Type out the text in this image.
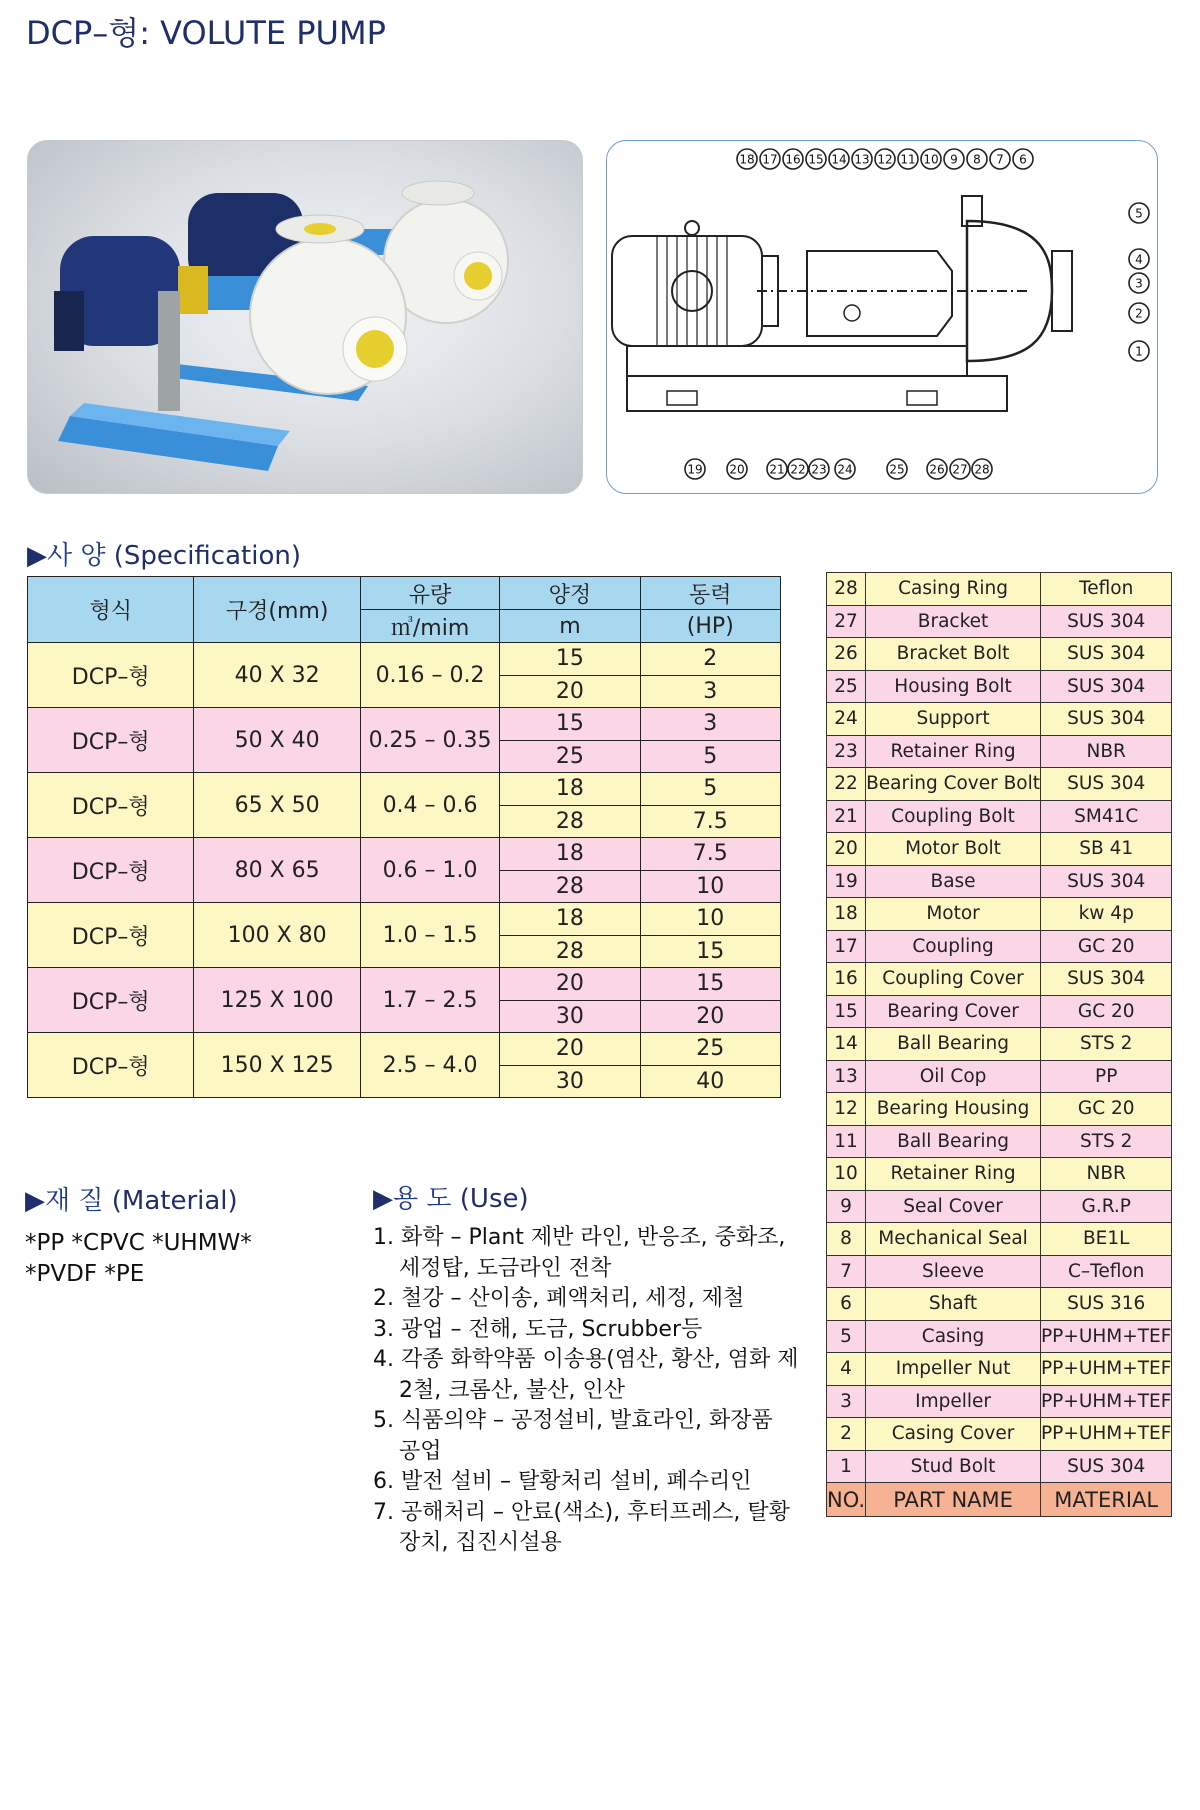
DCP–형: VOLUTE PUMP
18 17 16 15 14 13 12 11 10 9 8 7 6
5
4
3
2
1
19 20 21 22 23 24	25 26 27 28
▶사 양 (Specification)
형식	구경(mm)	유량	양정	동력
		㎥/mim	m	(HP)
DCP–형	40 X 32	0.16 – 0.2	15	2
			20	3
DCP–형	50 X 40	0.25 – 0.35	15	3
			25	5
DCP–형	65 X 50	0.4 – 0.6	18	5
			28	7.5
DCP–형	80 X 65	0.6 – 1.0	18	7.5
			28	10
DCP–형	100 X 80	1.0 – 1.5	18	10
			28	15
DCP–형	125 X 100	1.7 – 2.5	20	15
			30	20
DCP–형	150 X 125	2.5 – 4.0	20	25
			30	40
▶재 질 (Material)
*PP *CPVC *UHMW*
*PVDF *PE
▶용 도 (Use)
1. 화학 – Plant 제반 라인, 반응조, 중화조,
세정탑, 도금라인 전착
2. 철강 – 산이송, 폐액처리, 세정, 제철
3. 광업 – 전해, 도금, Scrubber등
4. 각종 화학약품 이송용(염산, 황산, 염화 제
2철, 크롬산, 불산, 인산
5. 식품의약 – 공정설비, 발효라인, 화장품
공업
6. 발전 설비 – 탈황처리 설비, 폐수리인
7. 공해처리 – 안료(색소), 후터프레스, 탈황
장치, 집진시설용
28	Casing Ring	Teflon
27	Bracket	SUS 304
26	Bracket Bolt	SUS 304
25	Housing Bolt	SUS 304
24	Support	SUS 304
23	Retainer Ring	NBR
22	Bearing Cover Bolt	SUS 304
21	Coupling Bolt	SM41C
20	Motor Bolt	SB 41
19	Base	SUS 304
18	Motor	kw 4p
17	Coupling	GC 20
16	Coupling Cover	SUS 304
15	Bearing Cover	GC 20
14	Ball Bearing	STS 2
13	Oil Cop	PP
12	Bearing Housing	GC 20
11	Ball Bearing	STS 2
10	Retainer Ring	NBR
9	Seal Cover	G.R.P
8	Mechanical Seal	BE1L
7	Sleeve	C–Teflon
6	Shaft	SUS 316
5	Casing	PP+UHM+TEF
4	Impeller Nut	PP+UHM+TEF
3	Impeller	PP+UHM+TEF
2	Casing Cover	PP+UHM+TEF
1	Stud Bolt	SUS 304
NO.	PART NAME	MATERIAL
